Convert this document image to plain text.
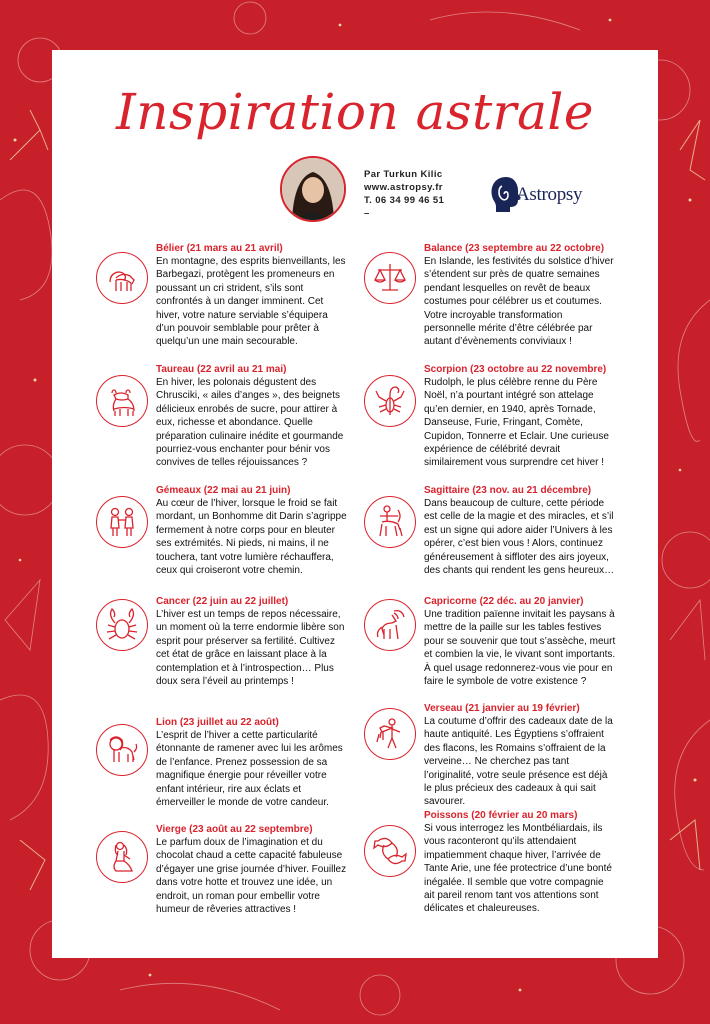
Inspiration astrale
Par Turkun Kilic
www.astropsy.fr
T. 06 34 99 46 51
–
Astropsy
Bélier (21 mars au 21 avril)
En montagne, des esprits bienveillants, les Barbegazi, protègent les promeneurs en poussant un cri strident, s’ils sont confrontés à un danger imminent. Cet hiver, votre nature serviable s’équipera d’un pouvoir semblable pour prêter à quelqu’un une main secourable.
Taureau (22 avril au 21 mai)
En hiver, les polonais dégustent des Chrusciki, « ailes d’anges », des beignets délicieux enrobés de sucre, pour attirer à eux, richesse et abondance. Quelle préparation culinaire inédite et gourmande pourriez-vous enchanter pour bénir vos convives de telles réjouissances ?
Gémeaux (22 mai au 21 juin)
Au cœur de l’hiver, lorsque le froid se fait mordant, un Bonhomme dit Darin s’agrippe fermement à notre corps pour en bleuter ses extrémités. Ni pieds, ni mains, il ne touchera, tant votre lumière réchauffera, ceux qui croiseront votre chemin.
Cancer (22 juin au 22 juillet)
L’hiver est un temps de repos nécessaire, un moment où la terre endormie libère son esprit pour préserver sa fertilité. Cultivez cet état de grâce en laissant place à la contemplation et à l’introspection… Plus doux sera l’éveil au printemps !
Lion (23 juillet au 22 août)
L’esprit de l’hiver a cette particularité étonnante de ramener avec lui les arômes de l’enfance. Prenez possession de sa magnifique énergie pour réveiller votre enfant intérieur, rire aux éclats et émerveiller le monde de votre candeur.
Vierge (23 août au 22 septembre)
Le parfum doux de l’imagination et du chocolat chaud a cette capacité fabuleuse d’égayer une grise journée d’hiver. Fouillez dans votre hotte et trouvez une idée, un endroit, un roman pour embellir votre humeur de rêveries attractives !
Balance (23 septembre au 22 octobre)
En Islande, les festivités du solstice d’hiver s’étendent sur près de quatre semaines pendant lesquelles on revêt de beaux costumes pour célébrer us et coutumes. Votre incroyable transformation personnelle mérite d’être célébrée par autant d’évènements conviviaux !
Scorpion (23 octobre au 22 novembre)
Rudolph, le plus célèbre renne du Père Noël, n’a pourtant intégré son attelage qu’en dernier, en 1940, après Tornade, Danseuse, Furie, Fringant, Comète, Cupidon, Tonnerre et Eclair. Une curieuse expérience de célébrité devrait similairement vous surprendre cet hiver !
Sagittaire (23 nov. au 21 décembre)
Dans beaucoup de culture, cette période est celle de la magie et des miracles, et s’il est un signe qui adore aider l’Univers à les opérer, c’est bien vous ! Alors, continuez généreusement à siffloter des airs joyeux, des chants qui rendent les gens heureux…
Capricorne (22 déc. au 20 janvier)
Une tradition païenne invitait les paysans à mettre de la paille sur les tables festives pour se souvenir que tout s’assèche, meurt et combien la vie, le vivant sont importants. À quel usage redonnerez-vous vie pour en faire le symbole de votre existence ?
Verseau (21 janvier au 19 février)
La coutume d’offrir des cadeaux date de la haute antiquité. Les Égyptiens s’offraient des flacons, les Romains s’offraient de la verveine… Ne cherchez pas tant l’originalité, votre seule présence est déjà le plus précieux des cadeaux à qui sait savourer.
Poissons (20 février au 20 mars)
Si vous interrogez les Montbéliardais, ils vous raconteront qu’ils attendaient impatiemment chaque hiver, l’arrivée de Tante Arie, une fée protectrice d’une bonté inégalée. Il semble que votre compagnie ait pareil renom tant vos attentions sont délicates et chaleureuses.
